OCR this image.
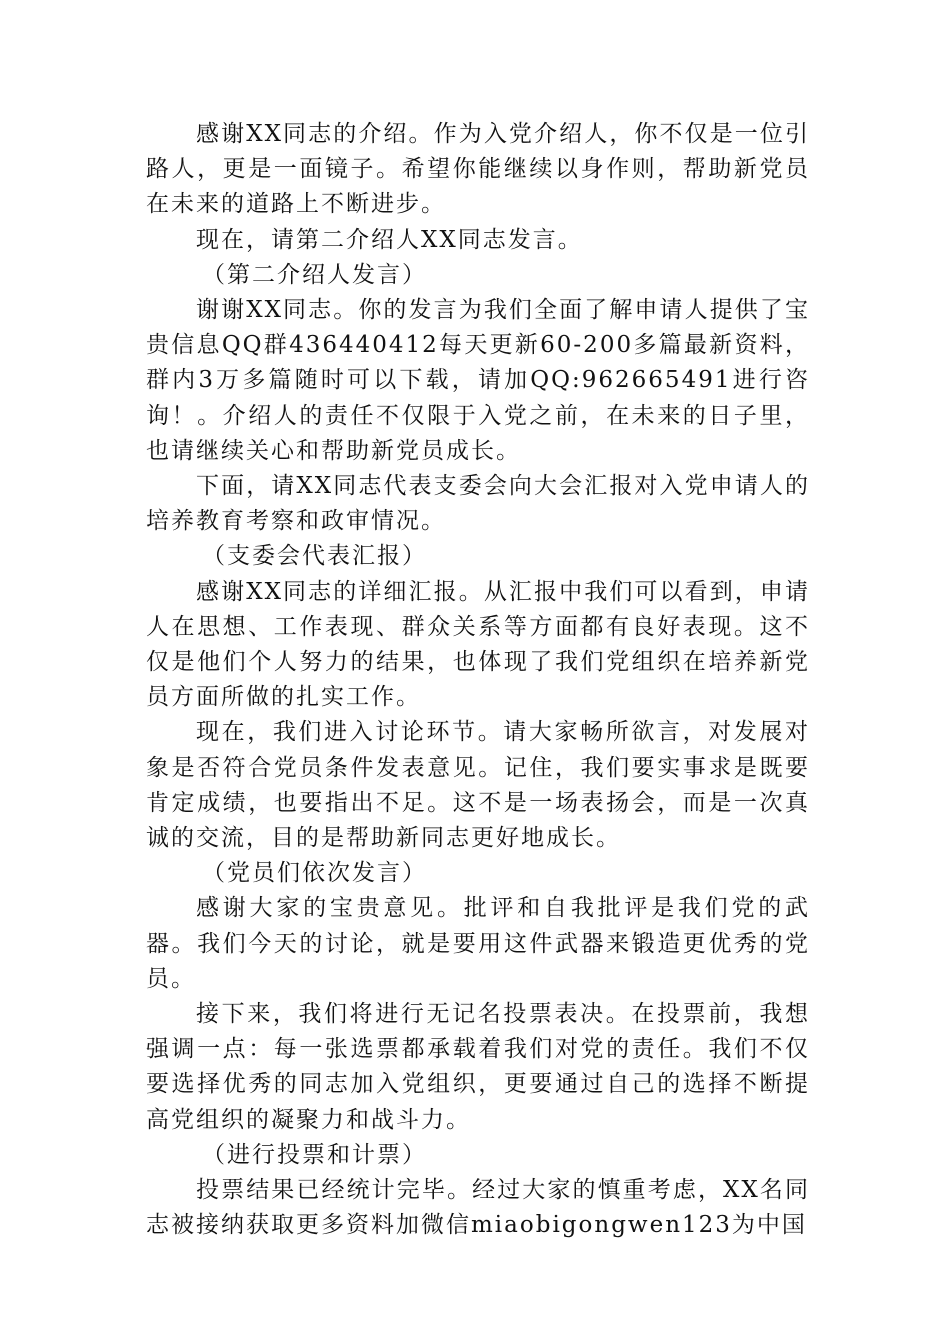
感谢XX同志的介绍。作为入党介绍人，你不仅是一位引路人，更是一面镜子。希望你能继续以身作则，帮助新党员在未来的道路上不断进步。

现在，请第二介绍人XX同志发言。

（第二介绍人发言）

谢谢XX同志。你的发言为我们全面了解申请人提供了宝贵信息QQ群436440412每天更新60-200多篇最新资料，群内3万多篇随时可以下载，请加QQ:962665491进行咨询！。介绍人的责任不仅限于入党之前，在未来的日子里，也请继续关心和帮助新党员成长。

下面，请XX同志代表支委会向大会汇报对入党申请人的培养教育考察和政审情况。

（支委会代表汇报）

感谢XX同志的详细汇报。从汇报中我们可以看到，申请人在思想、工作表现、群众关系等方面都有良好表现。这不仅是他们个人努力的结果，也体现了我们党组织在培养新党员方面所做的扎实工作。

现在，我们进入讨论环节。请大家畅所欲言，对发展对象是否符合党员条件发表意见。记住，我们要实事求是既要肯定成绩，也要指出不足。这不是一场表扬会，而是一次真诚的交流，目的是帮助新同志更好地成长。

（党员们依次发言）

感谢大家的宝贵意见。批评和自我批评是我们党的武器。我们今天的讨论，就是要用这件武器来锻造更优秀的党员。

接下来，我们将进行无记名投票表决。在投票前，我想强调一点：每一张选票都承载着我们对党的责任。我们不仅要选择优秀的同志加入党组织，更要通过自己的选择不断提高党组织的凝聚力和战斗力。

（进行投票和计票）

投票结果已经统计完毕。经过大家的慎重考虑，XX名同志被接纳获取更多资料加微信miaobigongwen123为中国
